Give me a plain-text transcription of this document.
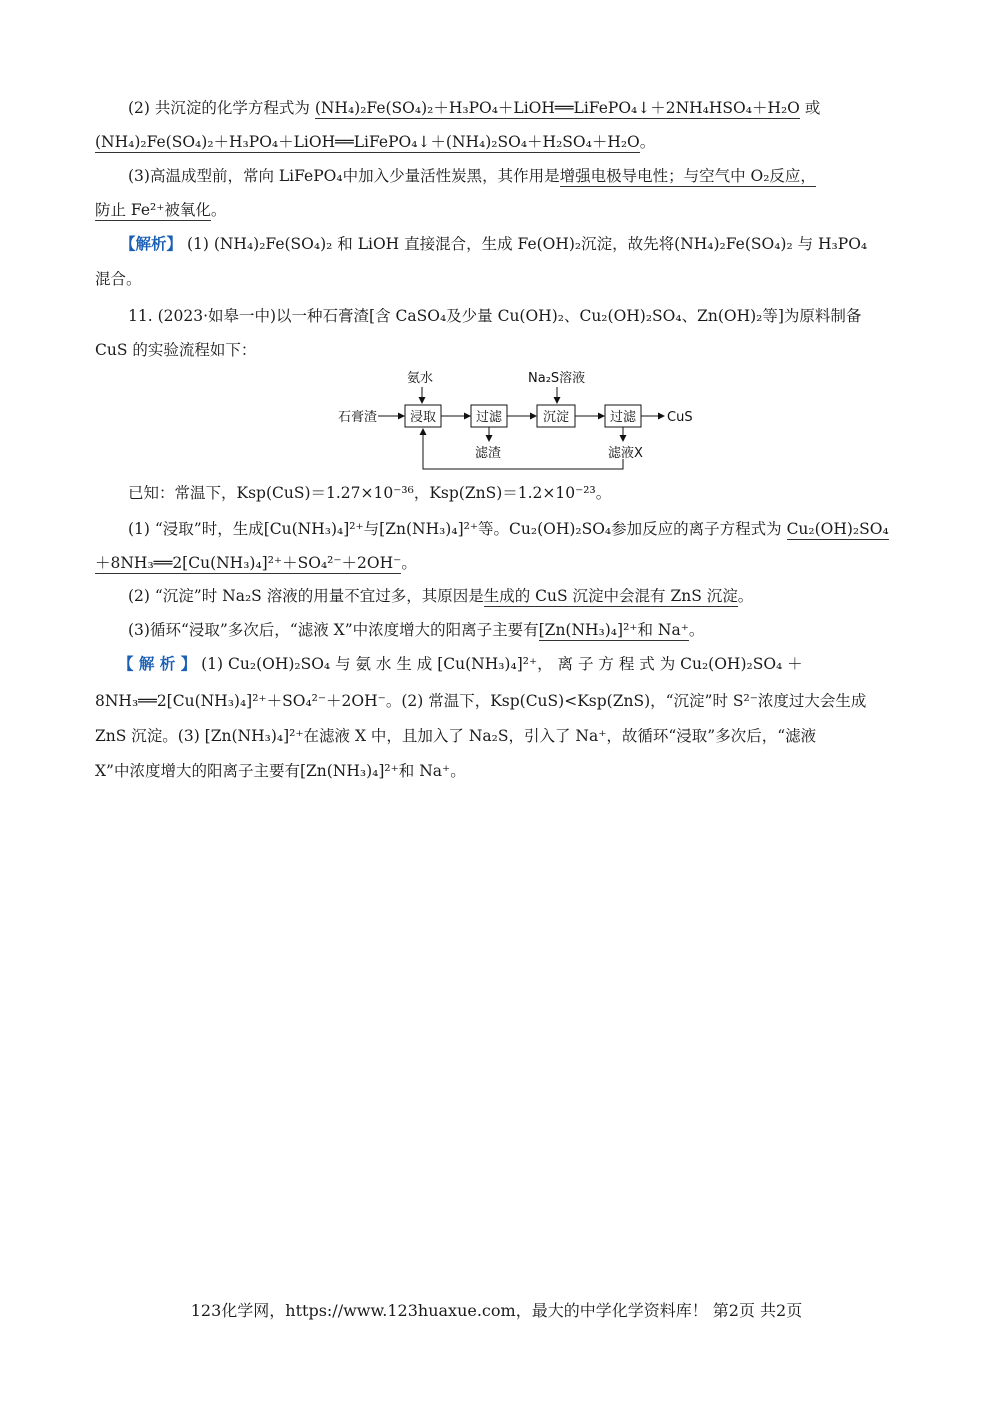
(2) 共沉淀的化学方程式为 (NH₄)₂Fe(SO₄)₂＋H₃PO₄＋LiOH══LiFePO₄↓＋2NH₄HSO₄＋H₂O 或
(NH₄)₂Fe(SO₄)₂＋H₃PO₄＋LiOH══LiFePO₄↓＋(NH₄)₂SO₄＋H₂SO₄＋H₂O。
(3)高温成型前，常向 LiFePO₄中加入少量活性炭黑，其作用是增强电极导电性；与空气中 O₂反应，
防止 Fe²⁺被氧化。
【解析】 (1) (NH₄)₂Fe(SO₄)₂ 和 LiOH 直接混合，生成 Fe(OH)₂沉淀，故先将(NH₄)₂Fe(SO₄)₂ 与 H₃PO₄
混合。
11. (2023·如皋一中)以一种石膏渣[含 CaSO₄及少量 Cu(OH)₂、Cu₂(OH)₂SO₄、Zn(OH)₂等]为原料制备
CuS 的实验流程如下：
氨水	Na₂S溶液
石膏渣	浸取	过滤	沉淀	过滤 CuS
滤渣	滤液X
已知：常温下，Ksp(CuS)＝1.27×10⁻³⁶，Ksp(ZnS)＝1.2×10⁻²³。
(1) “浸取”时，生成[Cu(NH₃)₄]²⁺与[Zn(NH₃)₄]²⁺等。Cu₂(OH)₂SO₄参加反应的离子方程式为 Cu₂(OH)₂SO₄
＋8NH₃══2[Cu(NH₃)₄]²⁺＋SO₄²⁻＋2OH⁻。
(2) “沉淀”时 Na₂S 溶液的用量不宜过多，其原因是生成的 CuS 沉淀中会混有 ZnS 沉淀。
(3)循环“浸取”多次后，“滤液 X”中浓度增大的阳离子主要有[Zn(NH₃)₄]²⁺和 Na⁺。
【 解 析 】 (1) Cu₂(OH)₂SO₄ 与 氨 水 生 成 [Cu(NH₃)₄]²⁺， 离 子 方 程 式 为 Cu₂(OH)₂SO₄ ＋
8NH₃══2[Cu(NH₃)₄]²⁺＋SO₄²⁻＋2OH⁻。(2) 常温下，Ksp(CuS)<Ksp(ZnS)，“沉淀”时 S²⁻浓度过大会生成
ZnS 沉淀。(3) [Zn(NH₃)₄]²⁺在滤液 X 中，且加入了 Na₂S，引入了 Na⁺，故循环“浸取”多次后，“滤液
X”中浓度增大的阳离子主要有[Zn(NH₃)₄]²⁺和 Na⁺。
123化学网，https://www.123huaxue.com，最大的中学化学资料库！ 第2页 共2页
